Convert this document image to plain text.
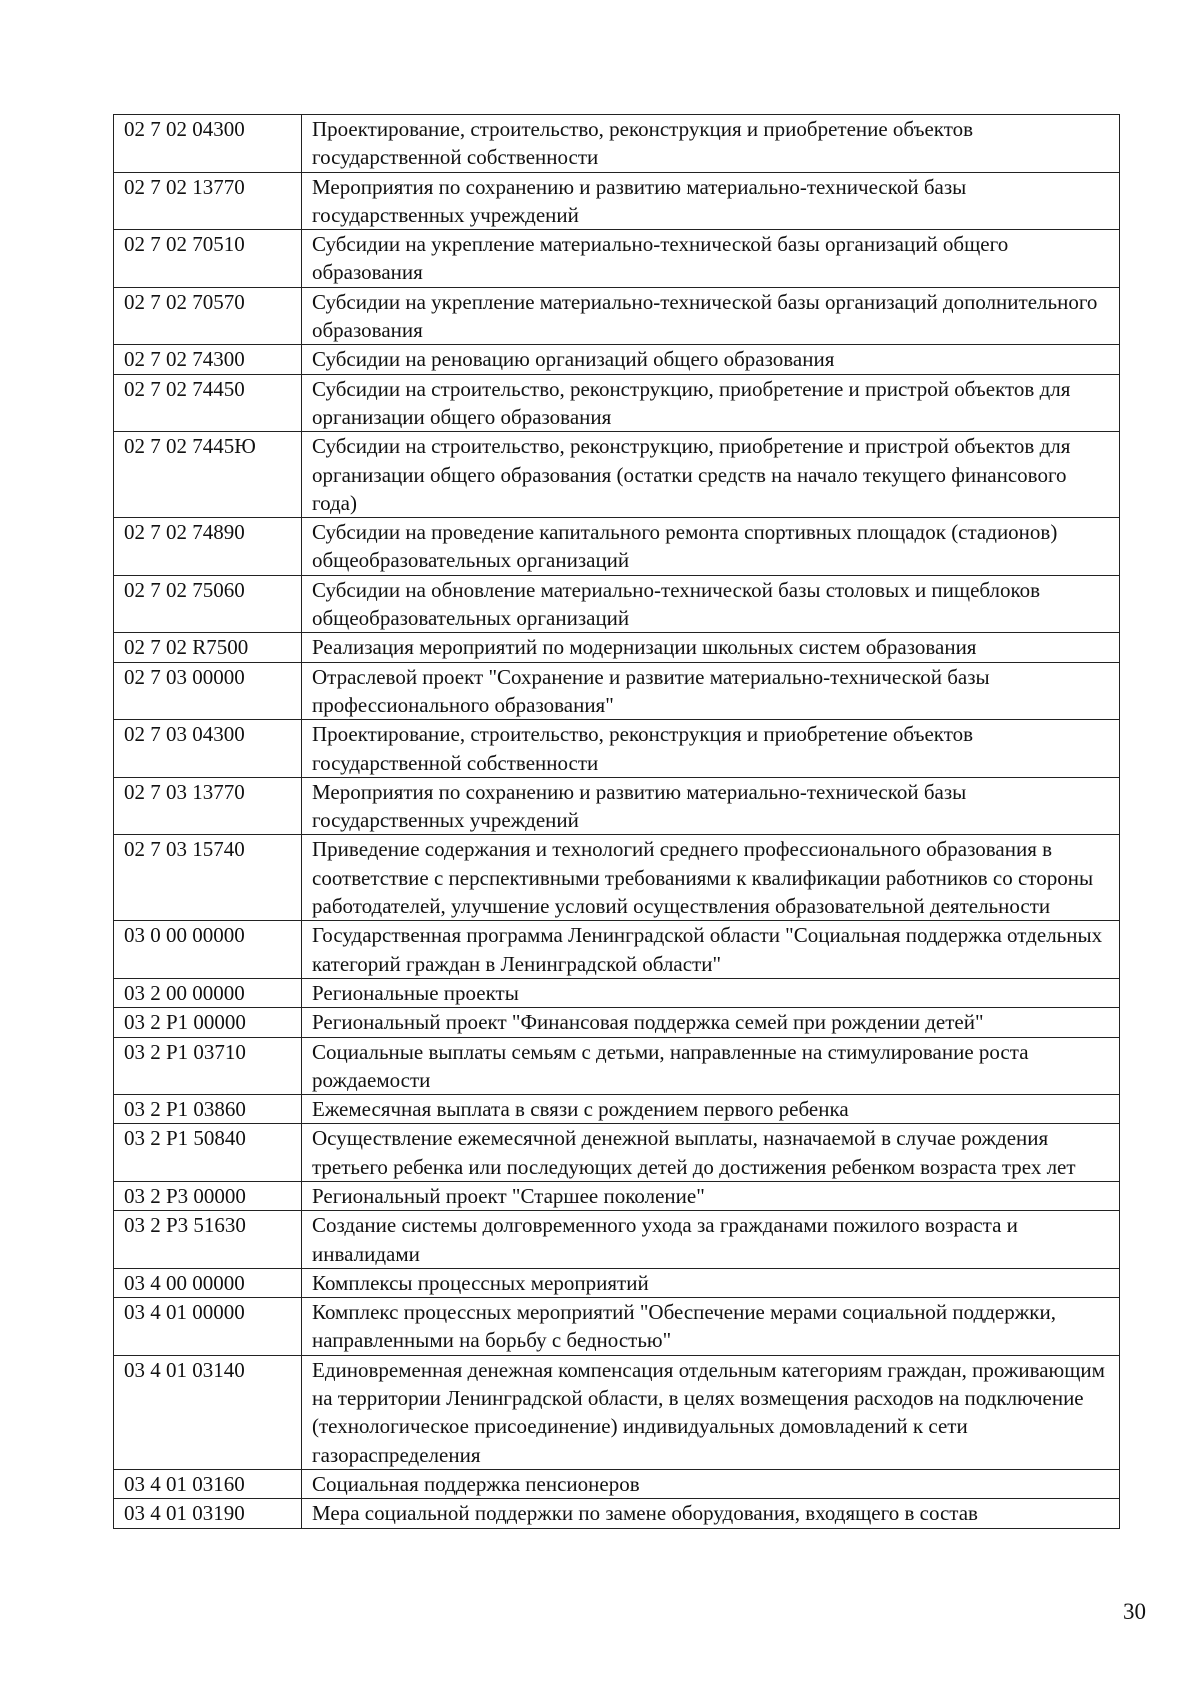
02 7 02 04300	Проектирование, строительство, реконструкция и приобретение объектов государственной собственности
02 7 02 13770	Мероприятия по сохранению и развитию материально-технической базы государственных учреждений
02 7 02 70510	Субсидии на укрепление материально-технической базы организаций общего образования
02 7 02 70570	Субсидии на укрепление материально-технической базы организаций дополнительного образования
02 7 02 74300	Субсидии на реновацию организаций общего образования
02 7 02 74450	Субсидии на строительство, реконструкцию, приобретение и пристрой объектов для организации общего образования
02 7 02 7445Ю	Субсидии на строительство, реконструкцию, приобретение и пристрой объектов для организации общего образования (остатки средств на начало текущего финансового года)
02 7 02 74890	Субсидии на проведение капитального ремонта спортивных площадок (стадионов) общеобразовательных организаций
02 7 02 75060	Субсидии на обновление материально-технической базы столовых и пищеблоков общеобразовательных организаций
02 7 02 R7500	Реализация мероприятий по модернизации школьных систем образования
02 7 03 00000	Отраслевой проект "Сохранение и развитие материально-технической базы профессионального образования"
02 7 03 04300	Проектирование, строительство, реконструкция и приобретение объектов государственной собственности
02 7 03 13770	Мероприятия по сохранению и развитию материально-технической базы государственных учреждений
02 7 03 15740	Приведение содержания и технологий среднего профессионального образования в соответствие с перспективными требованиями к квалификации работников со стороны работодателей, улучшение условий осуществления образовательной деятельности
03 0 00 00000	Государственная программа Ленинградской области "Социальная поддержка отдельных категорий граждан в Ленинградской области"
03 2 00 00000	Региональные проекты
03 2 Р1 00000	Региональный проект "Финансовая поддержка семей при рождении детей"
03 2 Р1 03710	Социальные выплаты семьям с детьми, направленные на стимулирование роста рождаемости
03 2 Р1 03860	Ежемесячная выплата в связи с рождением первого ребенка
03 2 Р1 50840	Осуществление ежемесячной денежной выплаты, назначаемой в случае рождения третьего ребенка или последующих детей до достижения ребенком возраста трех лет
03 2 Р3 00000	Региональный проект "Старшее поколение"
03 2 Р3 51630	Создание системы долговременного ухода за гражданами пожилого возраста и инвалидами
03 4 00 00000	Комплексы процессных мероприятий
03 4 01 00000	Комплекс процессных мероприятий "Обеспечение мерами социальной поддержки, направленными на борьбу с бедностью"
03 4 01 03140	Единовременная денежная компенсация отдельным категориям граждан, проживающим на территории Ленинградской области, в целях возмещения расходов на подключение (технологическое присоединение) индивидуальных домовладений к сети газораспределения
03 4 01 03160	Социальная поддержка пенсионеров
03 4 01 03190	Мера социальной поддержки по замене оборудования, входящего в состав
30
